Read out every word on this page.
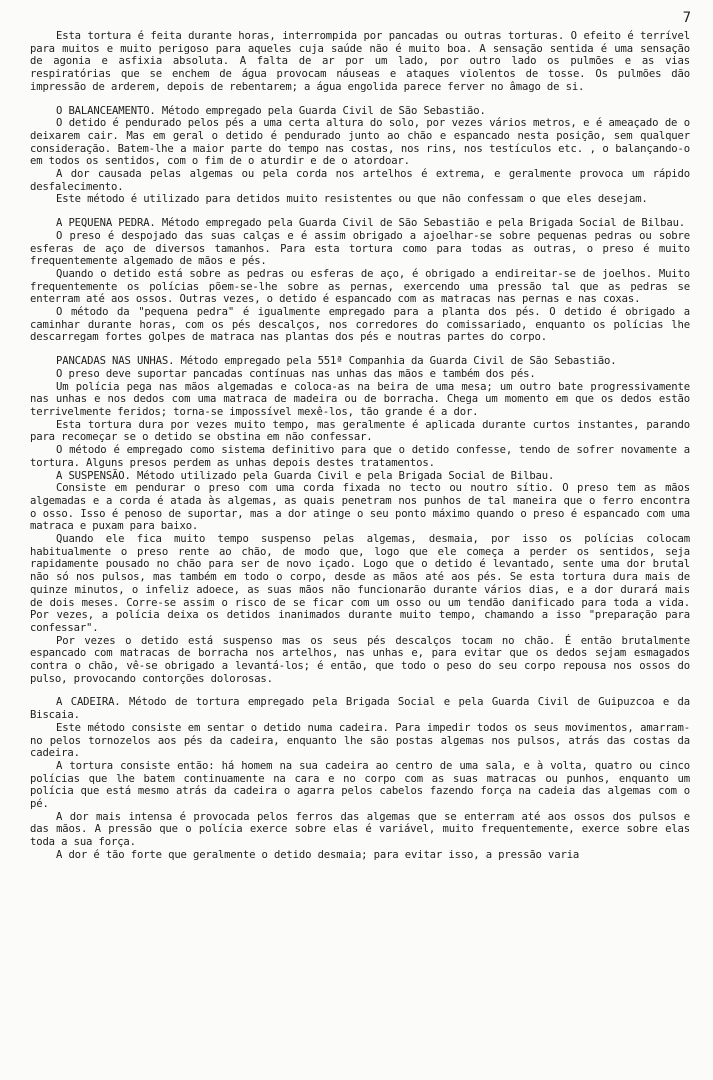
7

Esta tortura é feita durante horas, interrompida por pancadas ou outras torturas. O efeito é terrível para muitos e muito perigoso para aqueles cuja saúde não é muito boa. A sensação sentida é uma sensação de agonia e asfixia absoluta. A falta de ar por um lado, por outro lado os pulmões e as vias respiratórias que se enchem de água provocam náuseas e ataques violentos de tosse. Os pulmões dão impressão de arderem, depois de rebentarem; a água engolida parece ferver no âmago de si.

O BALANCEAMENTO. Método empregado pela Guarda Civil de São Sebastião.

O detido é pendurado pelos pés a uma certa altura do solo, por vezes vários metros, e é ameaçado de o deixarem cair. Mas em geral o detido é pendurado junto ao chão e espancado nesta posição, sem qualquer consideração. Batem-lhe a maior parte do tempo nas costas, nos rins, nos testículos etc. , o balançando-o em todos os sentidos, com o fim de o aturdir e de o atordoar.

A dor causada pelas algemas ou pela corda nos artelhos é extrema, e geralmente provoca um rápido desfalecimento.

Este método é utilizado para detidos muito resistentes ou que não confessam o que eles desejam.

A PEQUENA PEDRA. Método empregado pela Guarda Civil de São Sebastião e pela Brigada Social de Bilbau.

O preso é despojado das suas calças e é assim obrigado a ajoelhar-se sobre pequenas pedras ou sobre esferas de aço de diversos tamanhos. Para esta tortura como para todas as outras, o preso é muito frequentemente algemado de mãos e pés.

Quando o detido está sobre as pedras ou esferas de aço, é obrigado a endireitar-se de joelhos. Muito frequentemente os polícias põem-se-lhe sobre as pernas, exercendo uma pressão tal que as pedras se enterram até aos ossos. Outras vezes, o detido é espancado com as matracas nas pernas e nas coxas.

O método da "pequena pedra" é igualmente empregado para a planta dos pés. O detido é obrigado a caminhar durante horas, com os pés descalços, nos corredores do comissariado, enquanto os polícias lhe descarregam fortes golpes de matraca nas plantas dos pés e noutras partes do corpo.

PANCADAS NAS UNHAS. Método empregado pela 551ª Companhia da Guarda Civil de São Sebastião.

O preso deve suportar pancadas contínuas nas unhas das mãos e também dos pés.

Um polícia pega nas mãos algemadas e coloca-as na beira de uma mesa; um outro bate progressivamente nas unhas e nos dedos com uma matraca de madeira ou de borracha. Chega um momento em que os dedos estão terrivelmente feridos; torna-se impossível mexê-los, tão grande é a dor.

Esta tortura dura por vezes muito tempo, mas geralmente é aplicada durante curtos instantes, parando para recomeçar se o detido se obstina em não confessar.

O método é empregado como sistema definitivo para que o detido confesse, tendo de sofrer novamente a tortura. Alguns presos perdem as unhas depois destes tratamentos.

A SUSPENSÃO. Método utilizado pela Guarda Civil e pela Brigada Social de Bilbau.

Consiste em pendurar o preso com uma corda fixada no tecto ou noutro sítio. O preso tem as mãos algemadas e a corda é atada às algemas, as quais penetram nos punhos de tal maneira que o ferro encontra o osso. Isso é penoso de suportar, mas a dor atinge o seu ponto máximo quando o preso é espancado com uma matraca e puxam para baixo.

Quando ele fica muito tempo suspenso pelas algemas, desmaia, por isso os polícias colocam habitualmente o preso rente ao chão, de modo que, logo que ele começa a perder os sentidos, seja rapidamente pousado no chão para ser de novo içado. Logo que o detido é levantado, sente uma dor brutal não só nos pulsos, mas também em todo o corpo, desde as mãos até aos pés. Se esta tortura dura mais de quinze minutos, o infeliz adoece, as suas mãos não funcionarão durante vários dias, e a dor durará mais de dois meses. Corre-se assim o risco de se ficar com um osso ou um tendão danificado para toda a vida. Por vezes, a polícia deixa os detidos inanimados durante muito tempo, chamando a isso "preparação para confessar".

Por vezes o detido está suspenso mas os seus pés descalços tocam no chão. É então brutalmente espancado com matracas de borracha nos artelhos, nas unhas e, para evitar que os dedos sejam esmagados contra o chão, vê-se obrigado a levantá-los; é então, que todo o peso do seu corpo repousa nos ossos do pulso, provocando contorções dolorosas.

A CADEIRA. Método de tortura empregado pela Brigada Social e pela Guarda Civil de Guipuzcoa e da Biscaia.

Este método consiste em sentar o detido numa cadeira. Para impedir todos os seus movimentos, amarram-no pelos tornozelos aos pés da cadeira, enquanto lhe são postas algemas nos pulsos, atrás das costas da cadeira.

A tortura consiste então: há homem na sua cadeira ao centro de uma sala, e à volta, quatro ou cinco polícias que lhe batem continuamente na cara e no corpo com as suas matracas ou punhos, enquanto um polícia que está mesmo atrás da cadeira o agarra pelos cabelos fazendo força na cadeia das algemas com o pé.

A dor mais intensa é provocada pelos ferros das algemas que se enterram até aos ossos dos pulsos e das mãos. A pressão que o polícia exerce sobre elas é variável, muito frequentemente, exerce sobre elas toda a sua força.

A dor é tão forte que geralmente o detido desmaia; para evitar isso, a pressão varia
